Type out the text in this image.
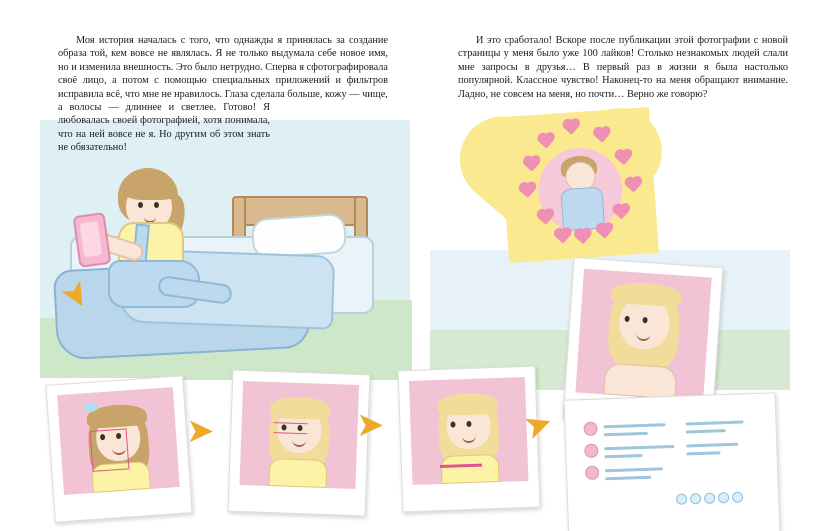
➤
➤	➤	➤

Моя история началась с того, что однажды я принялась за создание образа той, кем вовсе не являлась. Я не только выдумала себе новое имя, но и изменила внешность. Это было нетрудно. Сперва я сфотографировала своё лицо, а потом с помощью специальных приложений и фильтров исправила всё, что мне не нравилось. Глаза сделала больше, кожу — чище,

а волосы — длиннее и светлее. Готово! Я любовалась своей фотографией, хотя понимала, что на ней вовсе не я. Но другим об этом знать не обязательно!

И это сработало! Вскоре после публикации этой фотографии с новой страницы у меня было уже 100 лайков! Столько незнакомых людей слали мне запросы в друзья… В первый раз в жизни я была настолько популярной. Классное чувство! Наконец-то на меня обращают внимание. Ладно, не совсем на меня, но почти… Верно же говорю?
